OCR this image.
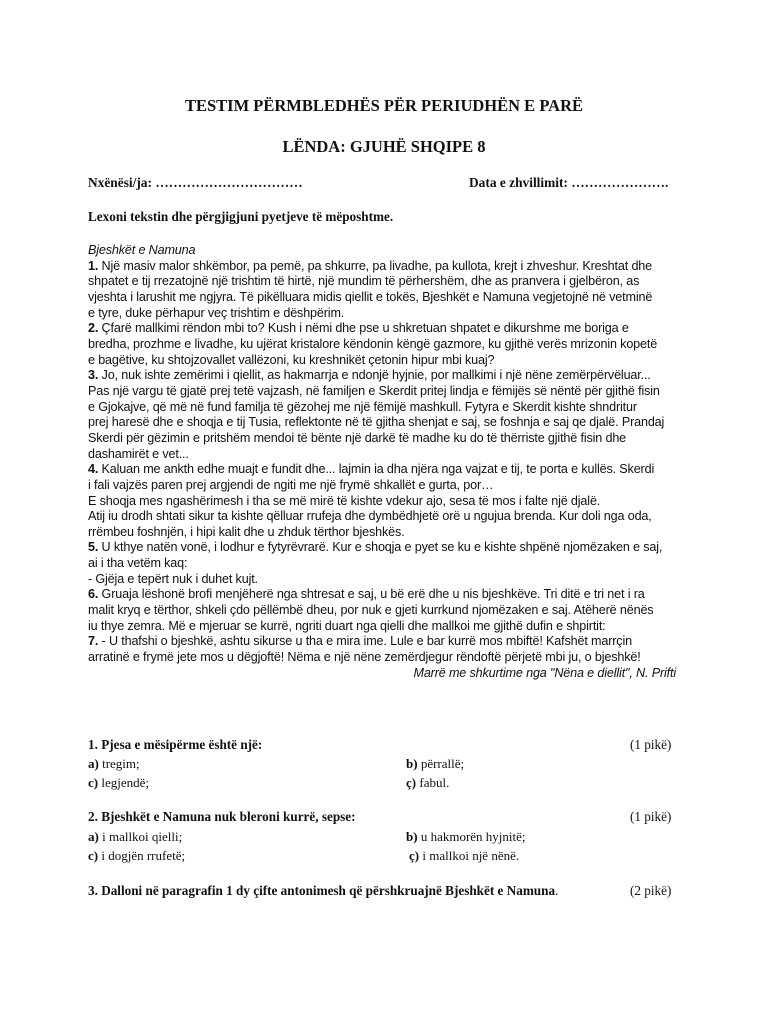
TESTIM PËRMBLEDHËS PËR PERIUDHËN E PARË
LËNDA: GJUHË SHQIPE 8
Nxënësi/ja: ……………………………	Data e zhvillimit: ………………….
Lexoni tekstin dhe përgjigjuni pyetjeve të mëposhtme.
Bjeshkët e Namuna
1. Një masiv malor shkëmbor, pa pemë, pa shkurre, pa livadhe, pa kullota, krejt i zhveshur. Kreshtat dhe
shpatet e tij rrezatojnë një trishtim të hirtë, një mundim të përhershëm, dhe as pranvera i gjelbëron, as
vjeshta i larushit me ngjyra. Të pikëlluara midis qiellit e tokës, Bjeshkët e Namuna vegjetojnë në vetminë
e tyre, duke përhapur veç trishtim e dëshpërim.
2. Çfarë mallkimi rëndon mbi to? Kush i nëmi dhe pse u shkretuan shpatet e dikurshme me boriga e
bredha, prozhme e livadhe, ku ujërat kristalore këndonin këngë gazmore, ku gjithë verës mrizonin kopetë
e bagëtive, ku shtojzovallet vallëzoni, ku kreshnikët çetonin hipur mbi kuaj?
3. Jo, nuk ishte zemërimi i qiellit, as hakmarrja e ndonjë hyjnie, por mallkimi i një nëne zemërpërvëluar...
Pas një vargu të gjatë prej tetë vajzash, në familjen e Skerdit pritej lindja e fëmijës së nëntë për gjithë fisin
e Gjokajve, që më në fund familja të gëzohej me një fëmijë mashkull. Fytyra e Skerdit kishte shndritur
prej haresë dhe e shoqja e tij Tusia, reflektonte në të gjitha shenjat e saj, se foshnja e saj qe djalë. Prandaj
Skerdi për gëzimin e pritshëm mendoi të bënte një darkë të madhe ku do të thërriste gjithë fisin dhe
dashamirët e vet...
4. Kaluan me ankth edhe muajt e fundit dhe... lajmin ia dha njëra nga vajzat e tij, te porta e kullës. Skerdi
i fali vajzës paren prej argjendi de ngiti me një frymë shkallët e gurta, por…
E shoqja mes ngashërimesh i tha se më mirë të kishte vdekur ajo, sesa të mos i falte një djalë.
Atij iu drodh shtati sikur ta kishte qëlluar rrufeja dhe dymbëdhjetë orë u ngujua brenda. Kur doli nga oda,
rrëmbeu foshnjën, i hipi kalit dhe u zhduk tërthor bjeshkës.
5. U kthye natën vonë, i lodhur e fytyrëvrarë. Kur e shoqja e pyet se ku e kishte shpënë njomëzaken e saj,
ai i tha vetëm kaq:
- Gjëja e tepërt nuk i duhet kujt.
6. Gruaja lëshonë brofi menjëherë nga shtresat e saj, u bë erë dhe u nis bjeshkëve. Tri ditë e tri net i ra
malit kryq e tërthor, shkeli çdo pëllëmbë dheu, por nuk e gjeti kurrkund njomëzaken e saj. Atëherë nënës
iu thye zemra. Më e mjeruar se kurrë, ngriti duart nga qielli dhe mallkoi me gjithë dufin e shpirtit:
7. - U thafshi o bjeshkë, ashtu sikurse u tha e mira ime. Lule e bar kurrë mos mbiftë! Kafshët marrçin
arratinë e frymë jete mos u dëgjoftë! Nëma e një nëne zemërdjegur rëndoftë përjetë mbi ju, o bjeshkë!
Marrë me shkurtime nga "Nëna e diellit", N. Prifti
1. Pjesa e mësipërme është një:	(1 pikë)
a) tregim;	b) përrallë;
c) legjendë;	ç) fabul.
2. Bjeshkët e Namuna nuk bleroni kurrë, sepse:	(1 pikë)
a) i mallkoi qielli;	b) u hakmorën hyjnitë;
c) i dogjën rrufetë;	ç) i mallkoi një nënë.
3. Dalloni në paragrafin 1 dy çifte antonimesh që përshkruajnë Bjeshkët e Namuna.	(2 pikë)
